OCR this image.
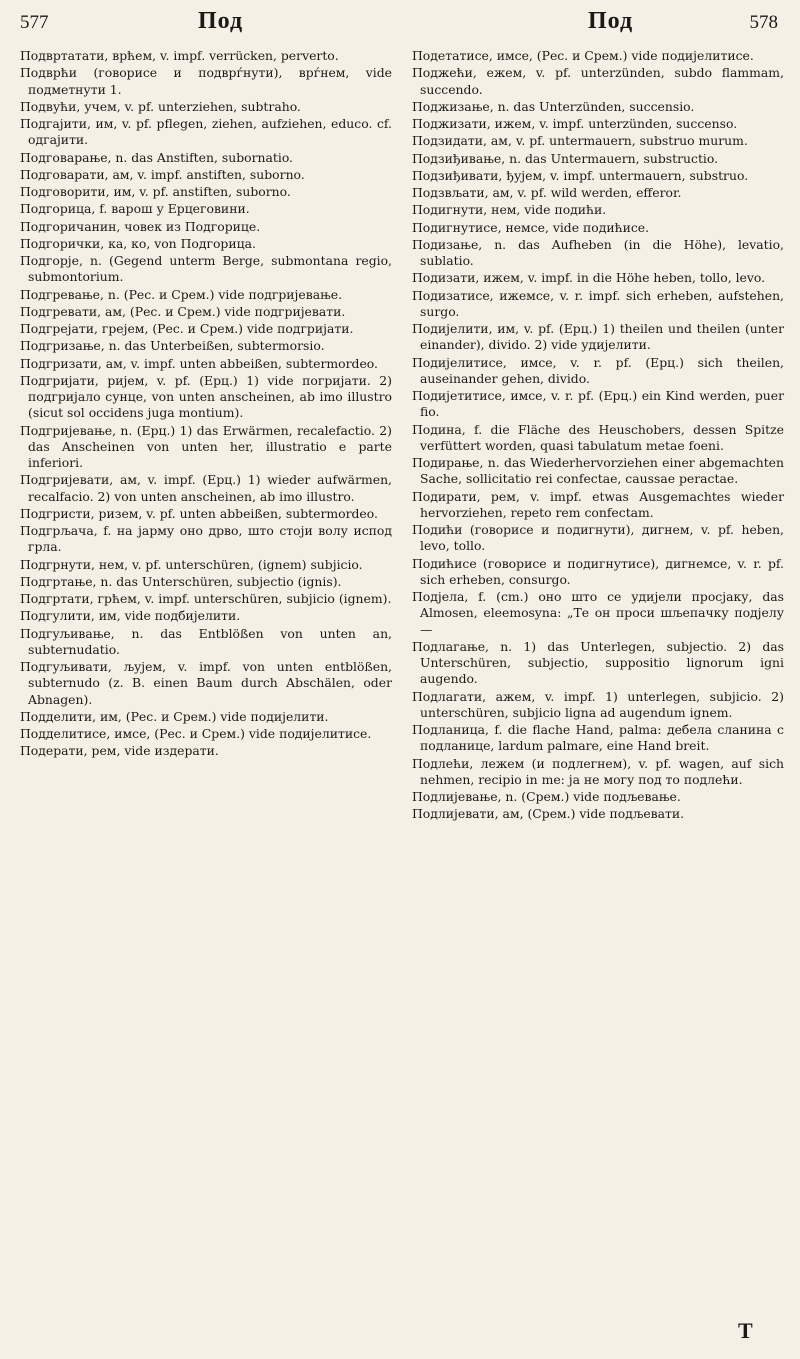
577	Под	Под	578

Подвртатати, врћем, v. impf. verrücken, pervertо.

Подврћи (говорисе и подврѓнути), врѓнем, vide подметнути 1.

Подвући, учем, v. pf. unterziehen, subtraho.

Подгајити, им, v. pf. pflegen, ziehen, aufziehen, educo. cf. одгајити.

Подговарање, n. das Anstiften, subornatio.

Подговарати, ам, v. impf. anstiften, suborno.

Подговорити, им, v. pf. anstiften, suborno.

Подгорица, f. варош у Ерцеговини.

Подгоричанин, човек из Подгорице.

Подгорички, ка, ко, von Подгорица.

Подгорје, n. (Gegend unterm Berge, submontana regio, submontorium.

Подгревање, n. (Рес. и Срем.) vide подгријевање.

Подгревати, ам, (Рес. и Срем.) vide подгријевати.

Подгрејати, грејем, (Рес. и Срем.) vide подгријати.

Подгризање, n. das Unterbeißen, subtermorsio.

Подгризати, ам, v. impf. unten abbeißen, subtermordeo.

Подгријати, ријем, v. pf. (Ерц.) 1) vide погријати. 2) подгријало сунце, von unten anscheinen, ab imo illustro (sicut sol occidens juga montium).

Подгријевање, n. (Ерц.) 1) das Erwärmen, recalefactio. 2) das Anscheinen von unten her, illustratio e parte inferiori.

Подгријевати, ам, v. impf. (Ерц.) 1) wieder aufwärmen, recalfacio. 2) von unten anscheinen, ab imo illustro.

Подгристи, ризем, v. pf. unten abbeißen, subtermordeo.

Подгрљача, f. на јарму оно дрво, што стоји волу испод грла.

Подгрнути, нем, v. pf. unterschüren, (ignem) subjicio.

Подгртање, n. das Unterschüren, subjectio (ignis).

Подгртати, грћем, v. impf. unterschüren, subjicio (ignem).

Подгулити, им, vide подбијелити.

Подгуљивање, n. das Entblößen von unten an, subternudatio.

Подгуљивати, љујем, v. impf. von unten entblößen, subternudo (z. B. einen Baum durch Abschälen, oder Abnagen).

Подделити, им, (Рес. и Срем.) vide подијелити.

Подделитисе, имсе, (Рес. и Срем.) vide подијелитисе.

Подерати, рем, vide издерати.

Подетатисе, имсе, (Рес. и Срем.) vide подијелитисе.

Поджећи, ежем, v. pf. unterzünden, subdo flammam, succendo.

Поджизање, n. das Unterzünden, succensio.

Поджизати, ижем, v. impf. unterzünden, succenso.

Подзидати, ам, v. pf. untermauern, substruo murum.

Подзиђивање, n. das Untermauern, substructio.

Подзиђивати, ђујем, v. impf. untermauern, substruo.

Подзвљати, ам, v. pf. wild werden, efferor.

Подигнути, нем, vide подићи.

Подигнутисе, немсе, vide подићисе.

Подизање, n. das Aufheben (in die Höhe), levatio, sublatio.

Подизати, ижем, v. impf. in die Höhe heben, tollo, levo.

Подизатисе, ижемсе, v. r. impf. sich erheben, aufstehen, surgo.

Подијелити, им, v. pf. (Ерц.) 1) theilen und theilen (unter einander), divido. 2) vide удијелити.

Подијелитисе, имсе, v. r. pf. (Ерц.) sich theilen, auseinander gehen, divido.

Подијетитисе, имсе, v. r. pf. (Ерц.) ein Kind werden, puer fio.

Подина, f. die Fläche des Heuschobers, dessen Spitze verfüttert worden, quasi tabulatum metae foeni.

Подирање, n. das Wiederhervorziehen einer abgemachten Sache, sollicitatio rei confectae, caussae peractae.

Подирати, рем, v. impf. etwas Ausgemachtes wieder hervorziehen, repeto rem confectam.

Подићи (говорисе и подигнути), дигнем, v. pf. heben, levo, tollo.

Подићисе (говорисе и подигнутисе), дигнемсе, v. r. pf. sich erheben, consurgo.

Подјела, f. (cm.) оно што се удијели просјаку, das Almosen, eleemosyna: „Те он проси шљепачку подјелу —

Подлагање, n. 1) das Unterlegen, subjectio. 2) das Unterschüren, subjectio, suppositio lignorum igni augendo.

Подлагати, ажем, v. impf. 1) unterlegen, subjicio. 2) unterschüren, subjicio ligna ad augendum ignem.

Подланица, f. die flache Hand, palma: дебела сланина с подланице, lardum palmare, eine Hand breit.

Подлећи, лежем (и подлегнем), v. pf. wagen, auf sich nehmen, recipio in me: ја не могу под то подлећи.

Подлијевање, n. (Срем.) vide подљевање.

Подлијевати, ам, (Срем.) vide подљевати.

T
